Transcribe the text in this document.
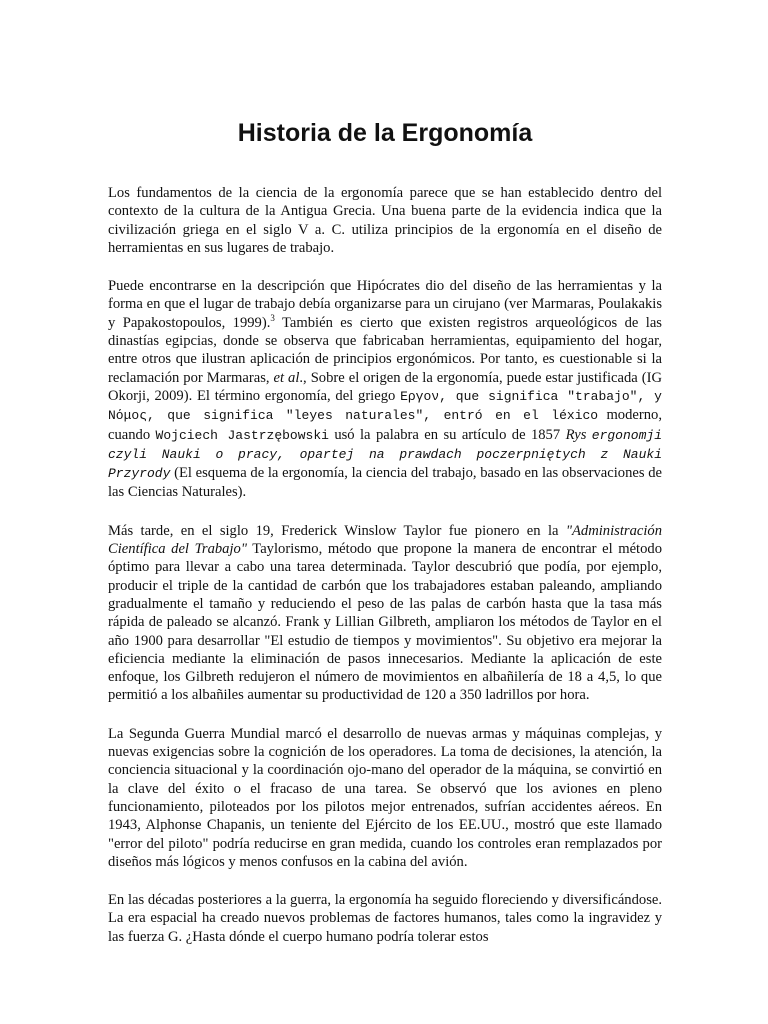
Historia de la Ergonomía

Los fundamentos de la ciencia de la ergonomía parece que se han establecido dentro del contexto de la cultura de la Antigua Grecia. Una buena parte de la evidencia indica que la civilización griega en el siglo V a. C. utiliza principios de la ergonomía en el diseño de herramientas en sus lugares de trabajo.

Puede encontrarse en la descripción que Hipócrates dio del diseño de las herramientas y la forma en que el lugar de trabajo debía organizarse para un cirujano (ver Marmaras, Poulakakis y Papakostopoulos, 1999).$^3$ También es cierto que existen registros arqueológicos de las dinastías egipcias, donde se observa que fabricaban herramientas, equipamiento del hogar, entre otros que ilustran aplicación de principios ergonómicos. Por tanto, es cuestionable si la reclamación por Marmaras, et al., Sobre el origen de la ergonomía, puede estar justificada (IG Okorji, 2009). El término ergonomía, del griego Εργον, que significa "trabajo", y Νόμος, que significa "leyes naturales", entró en el léxico moderno, cuando Wojciech Jastrzębowski usó la palabra en su artículo de 1857 Rys ergonomji czyli Nauki o pracy, opartej na prawdach poczerpniętych z Nauki Przyrody (El esquema de la ergonomía, la ciencia del trabajo, basado en las observaciones de las Ciencias Naturales).

Más tarde, en el siglo 19, Frederick Winslow Taylor fue pionero en la "Administración Científica del Trabajo" Taylorismo, método que propone la manera de encontrar el método óptimo para llevar a cabo una tarea determinada. Taylor descubrió que podía, por ejemplo, producir el triple de la cantidad de carbón que los trabajadores estaban paleando, ampliando gradualmente el tamaño y reduciendo el peso de las palas de carbón hasta que la tasa más rápida de paleado se alcanzó. Frank y Lillian Gilbreth, ampliaron los métodos de Taylor en el año 1900 para desarrollar "El estudio de tiempos y movimientos". Su objetivo era mejorar la eficiencia mediante la eliminación de pasos innecesarios. Mediante la aplicación de este enfoque, los Gilbreth redujeron el número de movimientos en albañilería de 18 a 4,5, lo que permitió a los albañiles aumentar su productividad de 120 a 350 ladrillos por hora.

La Segunda Guerra Mundial marcó el desarrollo de nuevas armas y máquinas complejas, y nuevas exigencias sobre la cognición de los operadores. La toma de decisiones, la atención, la conciencia situacional y la coordinación ojo-mano del operador de la máquina, se convirtió en la clave del éxito o el fracaso de una tarea. Se observó que los aviones en pleno funcionamiento, piloteados por los pilotos mejor entrenados, sufrían accidentes aéreos. En 1943, Alphonse Chapanis, un teniente del Ejército de los EE.UU., mostró que este llamado "error del piloto" podría reducirse en gran medida, cuando los controles eran remplazados por diseños más lógicos y menos confusos en la cabina del avión.

En las décadas posteriores a la guerra, la ergonomía ha seguido floreciendo y diversificándose. La era espacial ha creado nuevos problemas de factores humanos, tales como la ingravidez y las fuerza G. ¿Hasta dónde el cuerpo humano podría tolerar estos
